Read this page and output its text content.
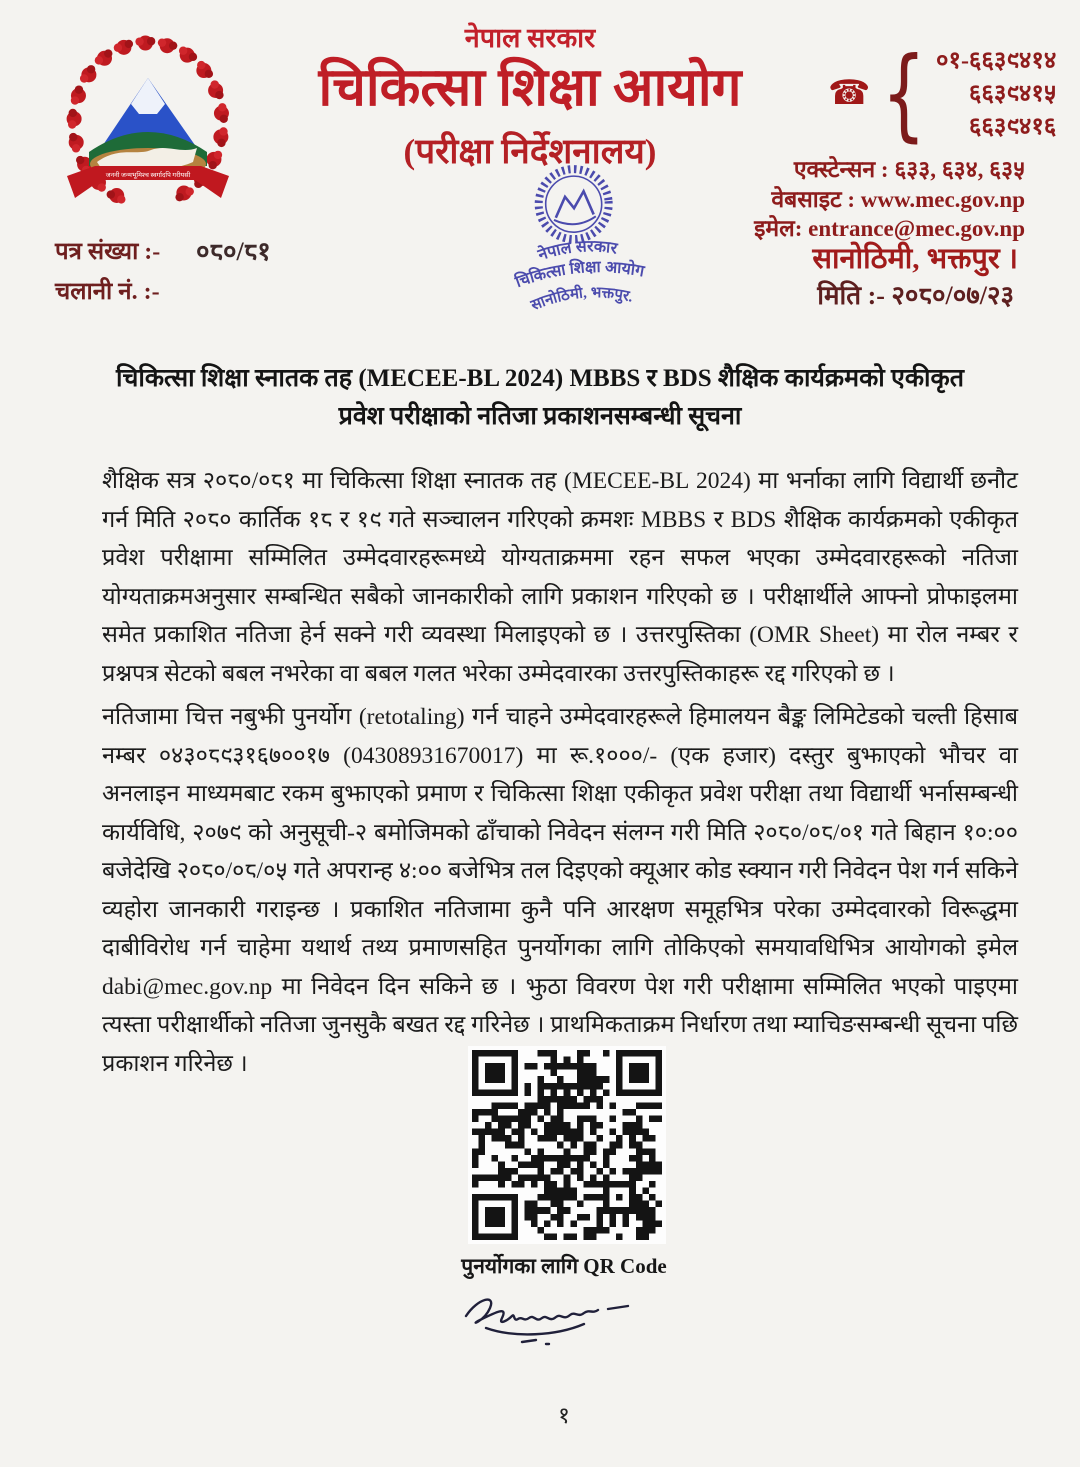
जननी जन्मभूमिश्च स्वर्गादपि गरीयसी
नेपाल सरकार
चिकित्सा शिक्षा आयोग
(परीक्षा निर्देशनालय)
☎ { ०१-६६३९४१४
६६३९४१५
६६३९४१६
एक्स्टेन्सन : ६३३, ६३४, ६३५
वेबसाइट : www.mec.gov.np
इमेल: entrance@mec.gov.np
पत्र संख्या :- ०८०/८१
चलानी नं. :-
नेपाल सरकार
चिकित्सा शिक्षा आयोग
सानोठिमी, भक्तपुर.
सानोठिमी, भक्तपुर ।
मिति :- २०८०/०७/२३
चिकित्सा शिक्षा स्नातक तह (MECEE-BL 2024) MBBS र BDS शैक्षिक कार्यक्रमको एकीकृत प्रवेश परीक्षाको नतिजा प्रकाशनसम्बन्धी सूचना

शैक्षिक सत्र २०८०/०८१ मा चिकित्सा शिक्षा स्नातक तह (MECEE-BL 2024) मा भर्नाका लागि विद्यार्थी छनौट गर्न मिति २०८० कार्तिक १८ र १९ गते सञ्चालन गरिएको क्रमशः MBBS र BDS शैक्षिक कार्यक्रमको एकीकृत प्रवेश परीक्षामा सम्मिलित उम्मेदवारहरूमध्ये योग्यताक्रममा रहन सफल भएका उम्मेदवारहरूको नतिजा योग्यताक्रमअनुसार सम्बन्धित सबैको जानकारीको लागि प्रकाशन गरिएको छ । परीक्षार्थीले आफ्नो प्रोफाइलमा समेत प्रकाशित नतिजा हेर्न सक्ने गरी व्यवस्था मिलाइएको छ । उत्तरपुस्तिका (OMR Sheet) मा रोल नम्बर र प्रश्नपत्र सेटको बबल नभरेका वा बबल गलत भरेका उम्मेदवारका उत्तरपुस्तिकाहरू रद्द गरिएको छ ।

नतिजामा चित्त नबुझी पुनर्योग (retotaling) गर्न चाहने उम्मेदवारहरूले हिमालयन बैङ्क लिमिटेडको चल्ती हिसाब नम्बर ०४३०८९३१६७००१७ (04308931670017) मा रू.१०००/- (एक हजार) दस्तुर बुझाएको भौचर वा अनलाइन माध्यमबाट रकम बुझाएको प्रमाण र चिकित्सा शिक्षा एकीकृत प्रवेश परीक्षा तथा विद्यार्थी भर्नासम्बन्धी कार्यविधि, २०७९ को अनुसूची-२ बमोजिमको ढाँचाको निवेदन संलग्न गरी मिति २०८०/०८/०१ गते बिहान १०:०० बजेदेखि २०८०/०८/०५ गते अपरान्ह ४:०० बजेभित्र तल दिइएको क्यूआर कोड स्क्यान गरी निवेदन पेश गर्न सकिने व्यहोरा जानकारी गराइन्छ । प्रकाशित नतिजामा कुनै पनि आरक्षण समूहभित्र परेका उम्मेदवारको विरूद्धमा दाबीविरोध गर्न चाहेमा यथार्थ तथ्य प्रमाणसहित पुनर्योगका लागि तोकिएको समयावधिभित्र आयोगको इमेल dabi@mec.gov.np मा निवेदन दिन सकिने छ । झुठा विवरण पेश गरी परीक्षामा सम्मिलित भएको पाइएमा त्यस्ता परीक्षार्थीको नतिजा जुनसुकै बखत रद्द गरिनेछ । प्राथमिकताक्रम निर्धारण तथा म्याचिङसम्बन्धी सूचना पछि प्रकाशन गरिनेछ ।

पुनर्योगका लागि QR Code
१
